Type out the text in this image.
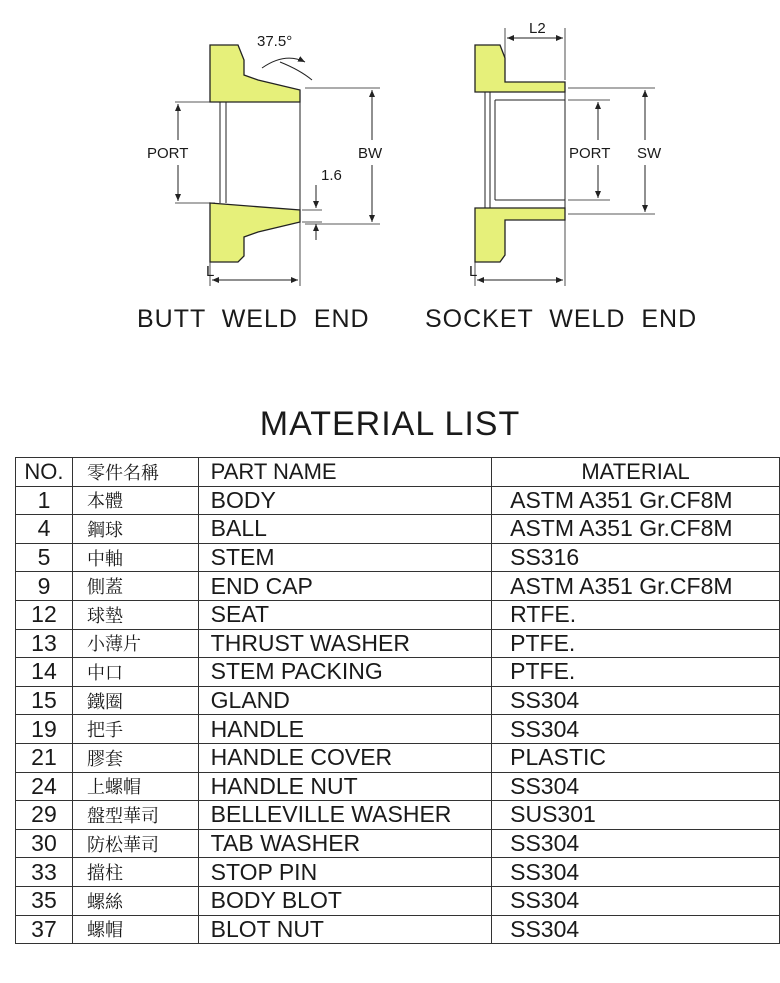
37.5°
PORT	BW
1.6
L
L2
PORT SW
L
BUTT  WELD  END SOCKET  WELD  END
MATERIAL LIST
NO.	零件名稱	PART NAME	MATERIAL
1	本體	BODY	ASTM A351 Gr.CF8M
4	鋼球	BALL	ASTM A351 Gr.CF8M
5	中軸	STEM	SS316
9	側蓋	END CAP	ASTM A351 Gr.CF8M
12	球墊	SEAT	RTFE.
13	小薄片	THRUST WASHER	PTFE.
14	中口	STEM PACKING	PTFE.
15	鐵圈	GLAND	SS304
19	把手	HANDLE	SS304
21	膠套	HANDLE COVER	PLASTIC
24	上螺帽	HANDLE NUT	SS304
29	盤型華司	BELLEVILLE WASHER	SUS301
30	防松華司	TAB WASHER	SS304
33	擋柱	STOP PIN	SS304
35	螺絲	BODY BLOT	SS304
37	螺帽	BLOT NUT	SS304
